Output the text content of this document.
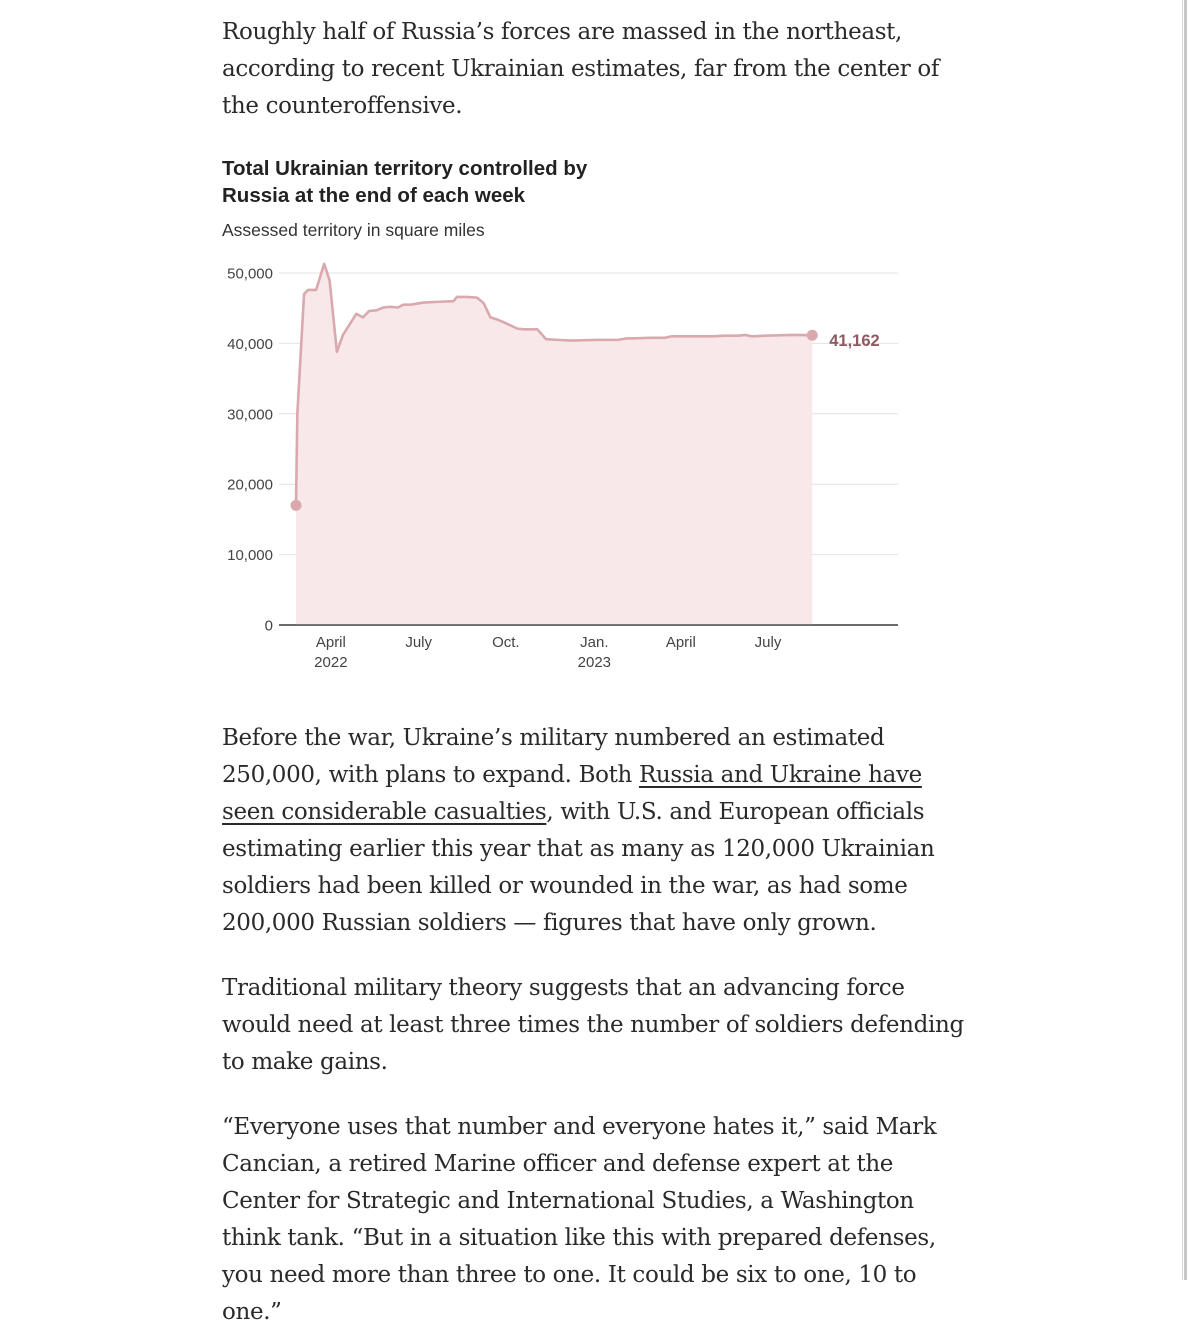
Roughly half of Russia’s forces are massed in the northeast, according to recent Ukrainian estimates, far from the center of the counteroffensive.

0
10,000
20,000
30,000
40,000
50,000
41,162
April
2022
July	Oct.	Jan.
2023
April	July
Total Ukrainian territory controlled by Russia at the end of each week
Assessed territory in square miles

Before the war, Ukraine’s military numbered an estimated 250,000, with plans to expand. Both Russia and Ukraine have seen considerable casualties, with U.S. and European officials estimating earlier this year that as many as 120,000 Ukrainian soldiers had been killed or wounded in the war, as had some 200,000 Russian soldiers — figures that have only grown.

Traditional military theory suggests that an advancing force would need at least three times the number of soldiers defending to make gains.

“Everyone uses that number and everyone hates it,” said Mark Cancian, a retired Marine officer and defense expert at the Center for Strategic and International Studies, a Washington think tank. “But in a situation like this with prepared defenses, you need more than three to one. It could be six to one, 10 to one.”
